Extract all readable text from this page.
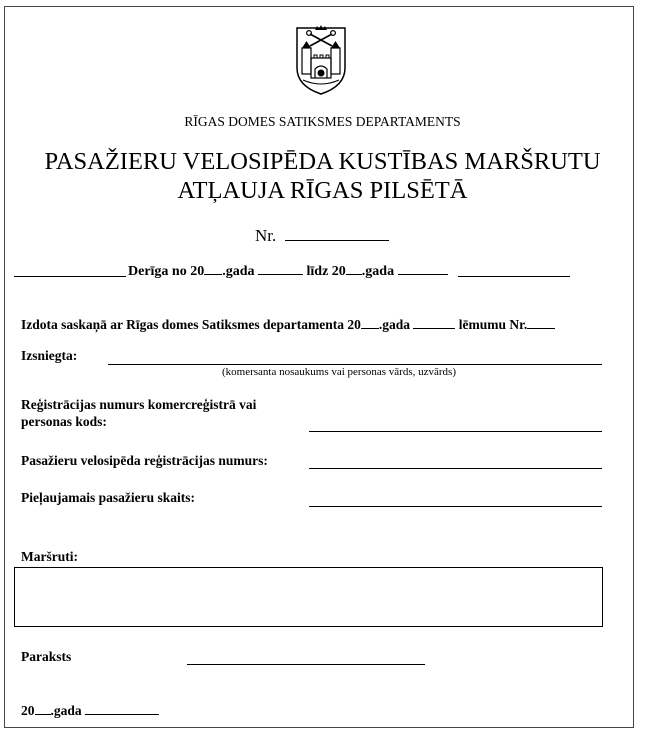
RĪGAS DOMES SATIKSMES DEPARTAMENTS
PASAŽIERU VELOSIPĒDA KUSTĪBAS MARŠRUTU
ATĻAUJA RĪGAS PILSĒTĀ
Nr.
Derīga no 20 .gada	līdz 20 .gada
Izdota saskaņā ar Rīgas domes Satiksmes departamenta 20 .gada	lēmumu Nr.
Izsniegta:
(komersanta nosaukums vai personas vārds, uzvārds)
Reģistrācijas numurs komercreģistrā vai
personas kods:
Pasažieru velosipēda reģistrācijas numurs:
Pieļaujamais pasažieru skaits:
Maršruti:
Paraksts
20 .gada
